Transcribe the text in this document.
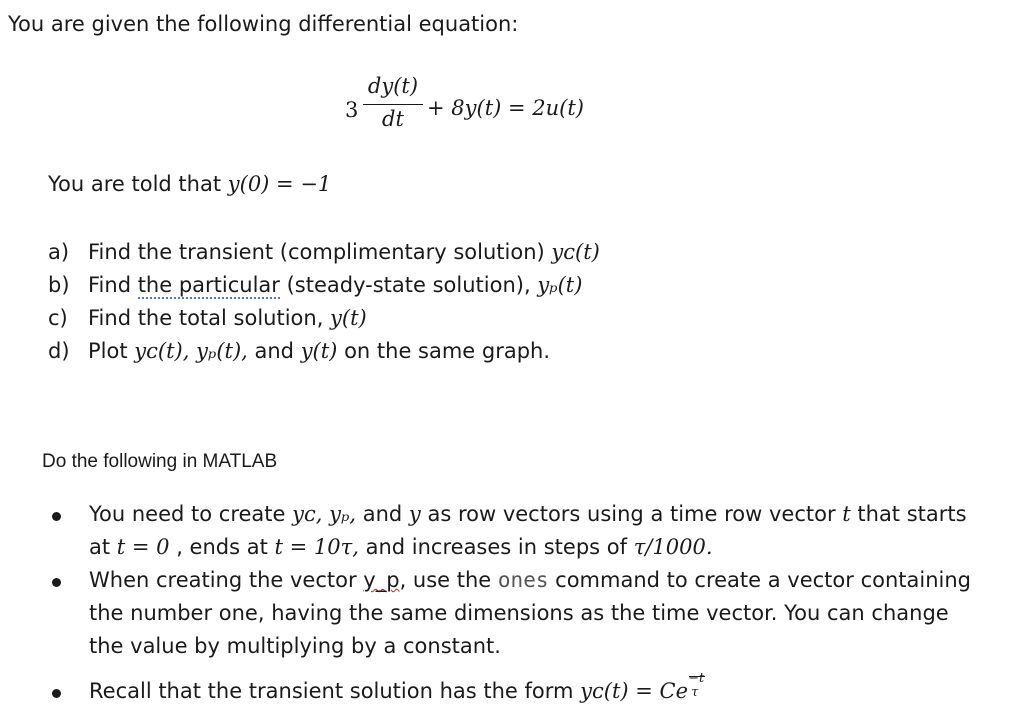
You are given the following differential equation:
3
dy(t)
dt	+ 8y(t) = 2u(t)
You are told that y(0) = −1
a) Find the transient (complimentary solution) yᴄ(t)
b) Find the particular (steady-state solution), yₚ(t)
c) Find the total solution, y(t)
d) Plot yᴄ(t), yₚ(t), and y(t) on the same graph.
Do the following in MATLAB
You need to create yᴄ, yₚ, and y as row vectors using a time row vector t that starts
at t = 0 , ends at t = 10τ, and increases in steps of τ/1000.
When creating the vector y_p, use the ones command to create a vector containing
the number one, having the same dimensions as the time vector. You can change
the value by multiplying by a constant.
Recall that the transient solution has the form yᴄ(t) = Ce
−t
τ
